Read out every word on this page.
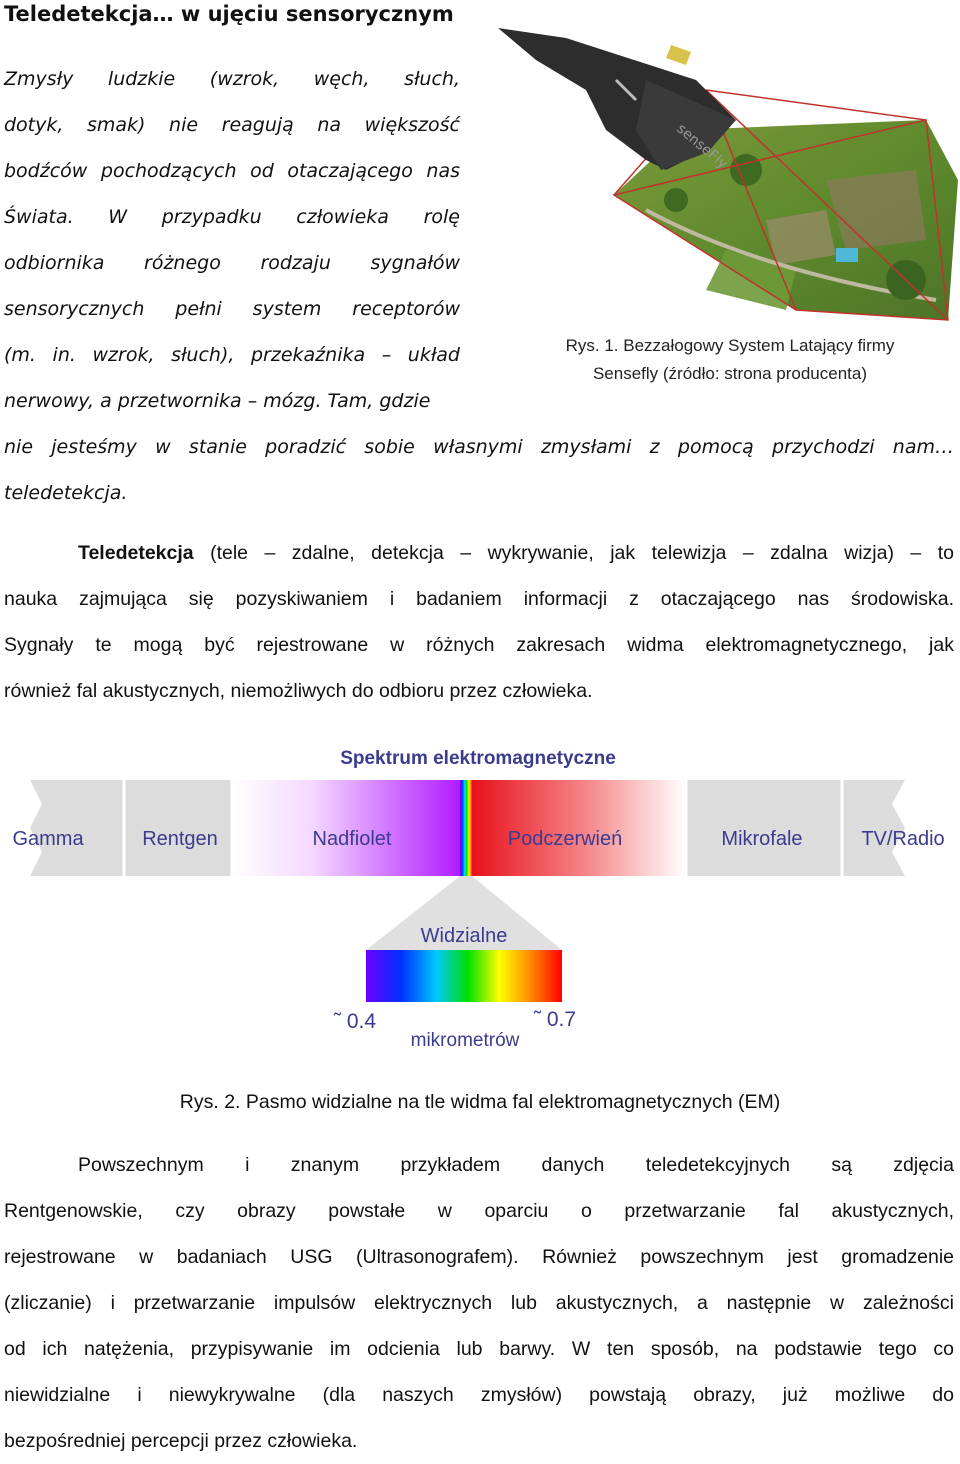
Teledetekcja… w ujęciu sensorycznym
Zmysły ludzkie (wzrok, węch, słuch,
dotyk, smak) nie reagują na większość
bodźców pochodzących od otaczającego nas
Świata. W przypadku człowieka rolę
odbiornika różnego rodzaju sygnałów
sensorycznych pełni system receptorów
(m. in. wzrok, słuch), przekaźnika – układ
nerwowy, a przetwornika – mózg. Tam, gdzie
nie jesteśmy w stanie poradzić sobie własnymi zmysłami z pomocą przychodzi nam…
teledetekcja.
senseFly
Rys. 1. Bezzałogowy System Latający firmy
Sensefly (źródło: strona producenta)
Teledetekcja (tele – zdalne, detekcja – wykrywanie, jak telewizja – zdalna wizja) – to
nauka zajmująca się pozyskiwaniem i badaniem informacji z otaczającego nas środowiska.
Sygnały te mogą być rejestrowane w różnych zakresach widma elektromagnetycznego, jak
również fal akustycznych, niemożliwych do odbioru przez człowieka.
Spektrum elektromagnetyczne
Gamma	Rentgen	Nadfiolet	Podczerwień	Mikrofale	TV/Radio
Widzialne
˜ 0.4	˜ 0.7
mikrometrów
Rys. 2. Pasmo widzialne na tle widma fal elektromagnetycznych (EM)
Powszechnym i znanym przykładem danych teledetekcyjnych są zdjęcia
Rentgenowskie, czy obrazy powstałe w oparciu o przetwarzanie fal akustycznych,
rejestrowane w badaniach USG (Ultrasonografem). Również powszechnym jest gromadzenie
(zliczanie) i przetwarzanie impulsów elektrycznych lub akustycznych, a następnie w zależności
od ich natężenia, przypisywanie im odcienia lub barwy. W ten sposób, na podstawie tego co
niewidzialne i niewykrywalne (dla naszych zmysłów) powstają obrazy, już możliwe do
bezpośredniej percepcji przez człowieka.
